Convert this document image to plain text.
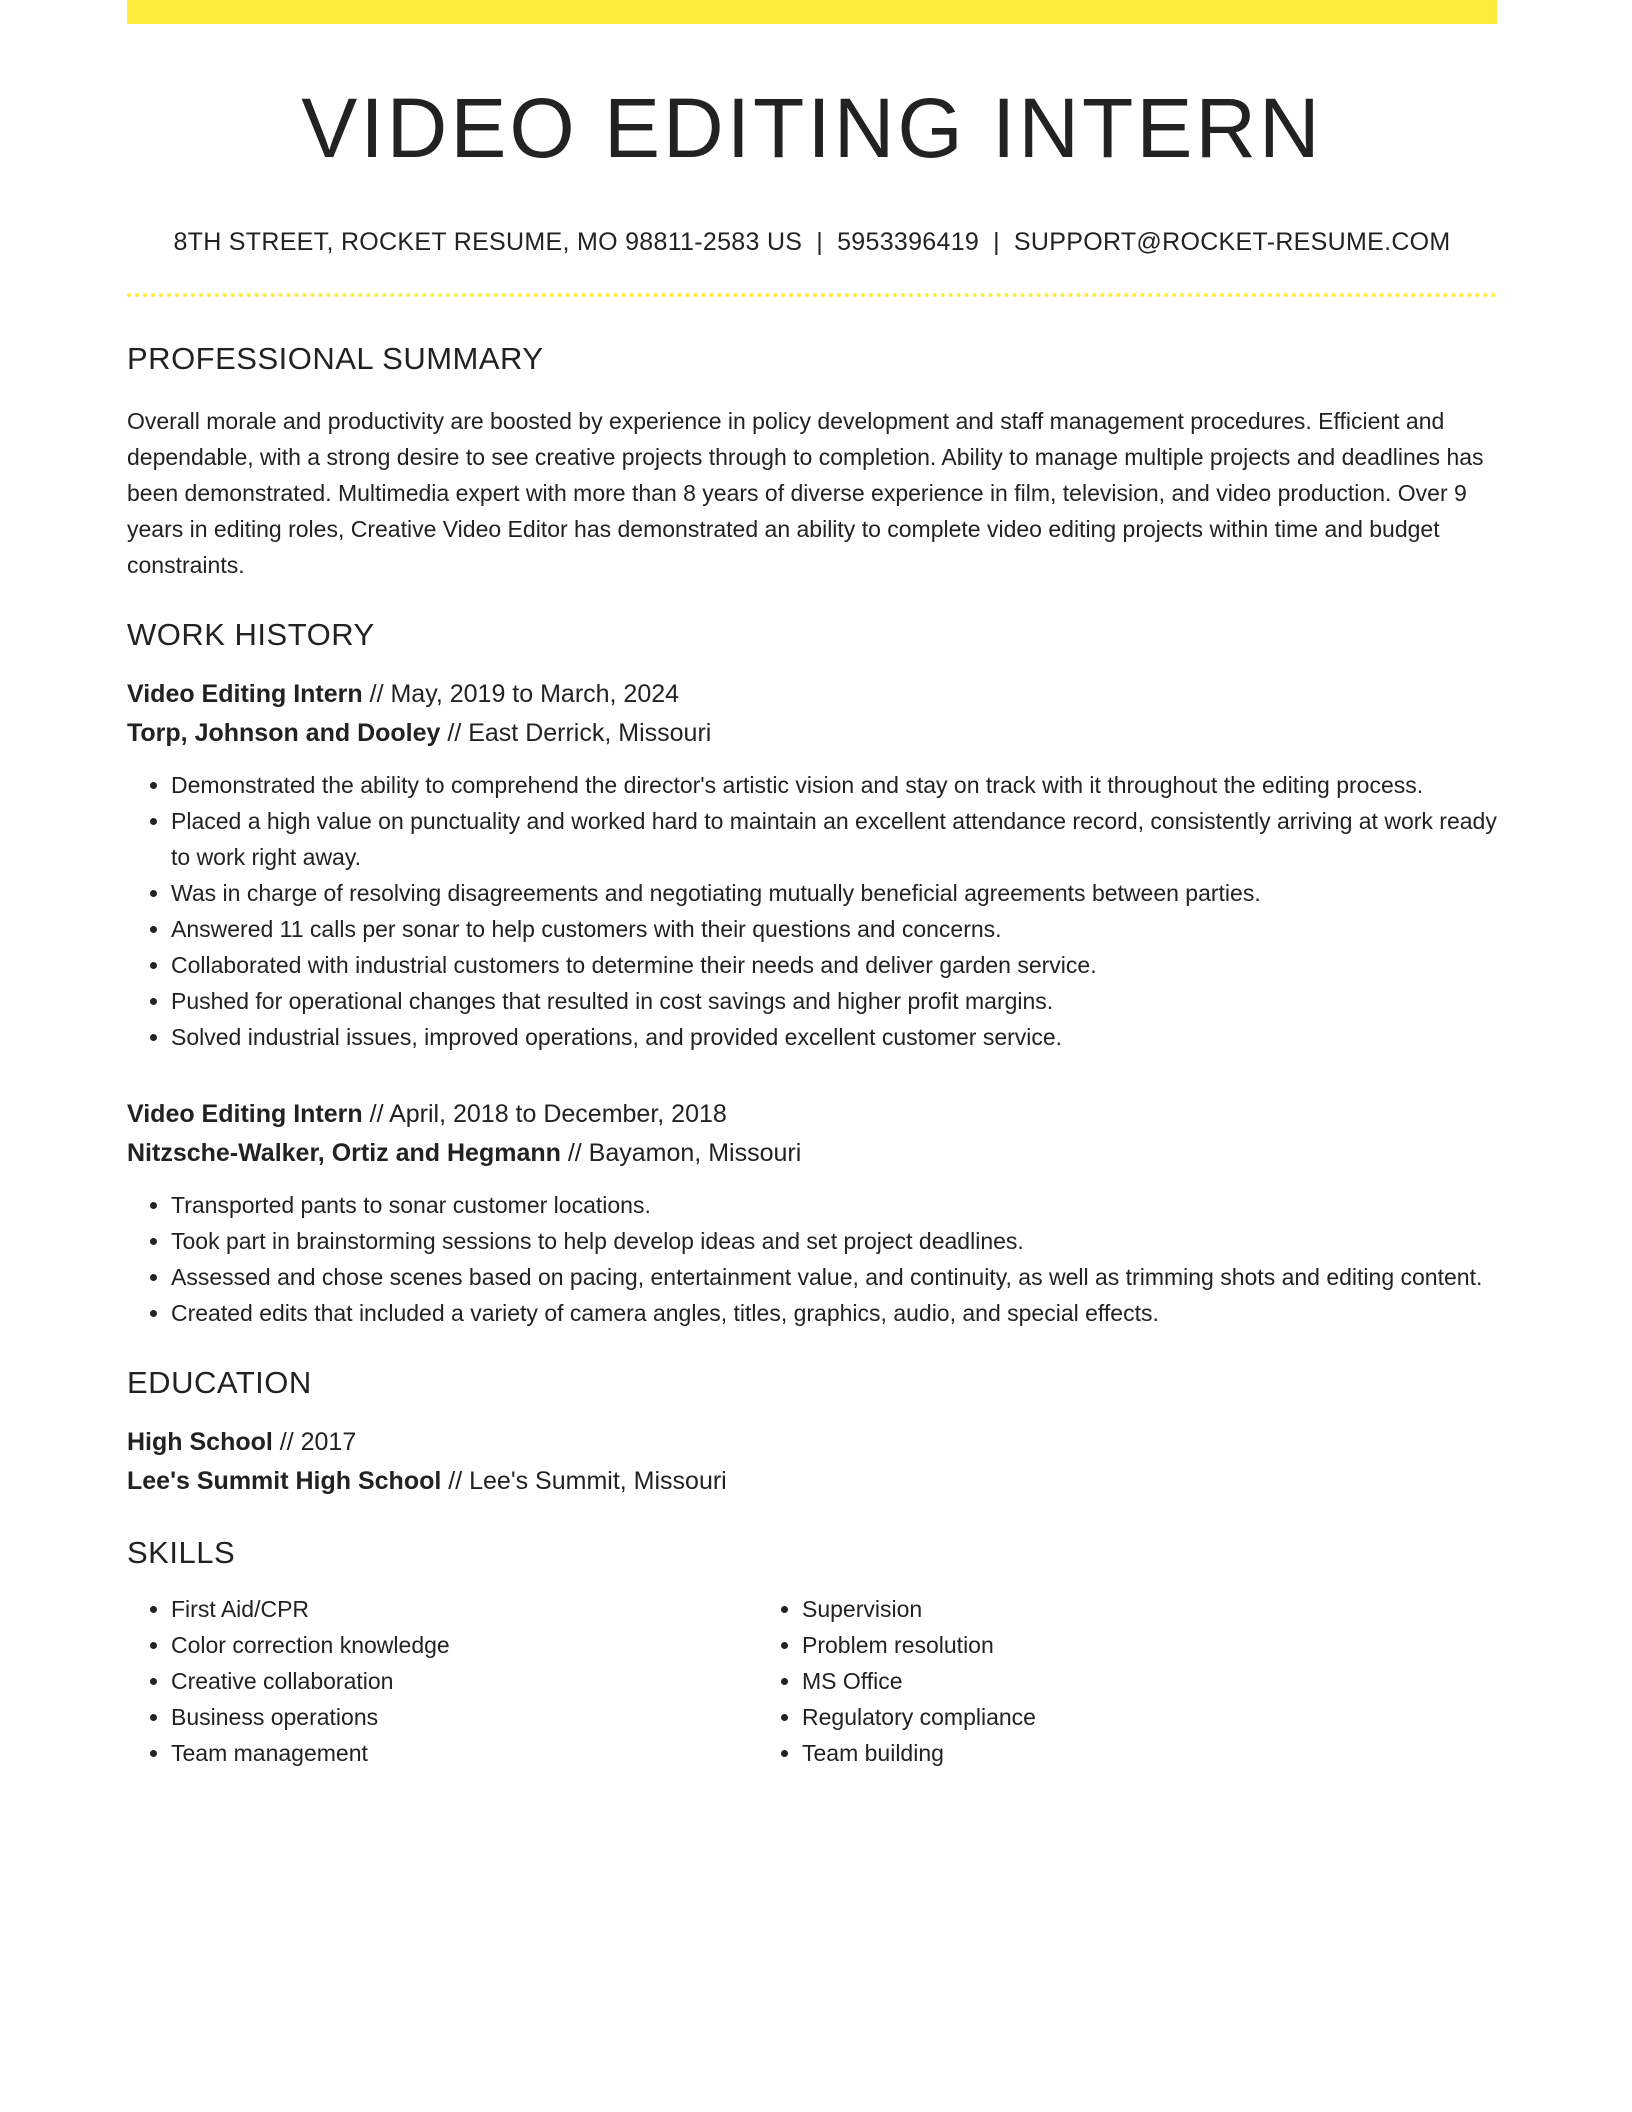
VIDEO EDITING INTERN
8TH STREET, ROCKET RESUME, MO 98811-2583 US | 5953396419 | SUPPORT@ROCKET-RESUME.COM
PROFESSIONAL SUMMARY

Overall morale and productivity are boosted by experience in policy development and staff management procedures. Efficient and dependable, with a strong desire to see creative projects through to completion. Ability to manage multiple projects and deadlines has been demonstrated. Multimedia expert with more than 8 years of diverse experience in film, television, and video production. Over 9 years in editing roles, Creative Video Editor has demonstrated an ability to complete video editing projects within time and budget constraints.

WORK HISTORY
Video Editing Intern // May, 2019 to March, 2024
Torp, Johnson and Dooley // East Derrick, Missouri
• Demonstrated the ability to comprehend the director's artistic vision and stay on track with it throughout the editing process.
• Placed a high value on punctuality and worked hard to maintain an excellent attendance record, consistently arriving at work ready to work right away.
• Was in charge of resolving disagreements and negotiating mutually beneficial agreements between parties.
• Answered 11 calls per sonar to help customers with their questions and concerns.
• Collaborated with industrial customers to determine their needs and deliver garden service.
• Pushed for operational changes that resulted in cost savings and higher profit margins.
• Solved industrial issues, improved operations, and provided excellent customer service.
Video Editing Intern // April, 2018 to December, 2018
Nitzsche-Walker, Ortiz and Hegmann // Bayamon, Missouri
• Transported pants to sonar customer locations.
• Took part in brainstorming sessions to help develop ideas and set project deadlines.
• Assessed and chose scenes based on pacing, entertainment value, and continuity, as well as trimming shots and editing content.
• Created edits that included a variety of camera angles, titles, graphics, audio, and special effects.
EDUCATION
High School // 2017
Lee's Summit High School // Lee's Summit, Missouri
SKILLS
• First Aid/CPR
• Color correction knowledge
• Creative collaboration
• Business operations
• Team management
• Supervision
• Problem resolution
• MS Office
• Regulatory compliance
• Team building
